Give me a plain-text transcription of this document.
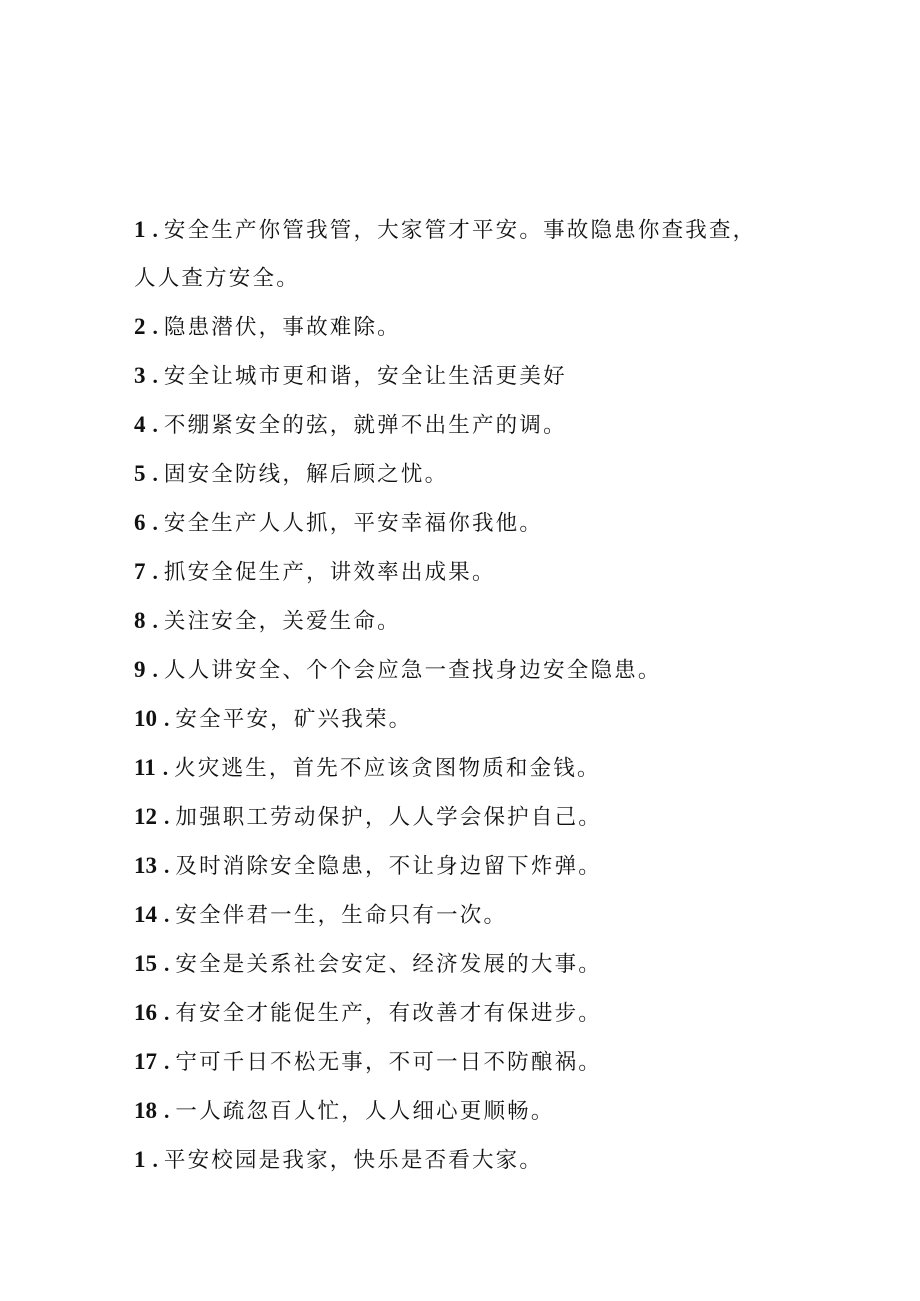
1 . 安全生产你管我管，大家管才平安。事故隐患你查我查，
人人查方安全。
2 . 隐患潜伏，事故难除。
3 . 安全让城市更和谐，安全让生活更美好
4 . 不绷紧安全的弦，就弹不出生产的调。
5 . 固安全防线，解后顾之忧。
6 . 安全生产人人抓，平安幸福你我他。
7 . 抓安全促生产，讲效率出成果。
8 . 关注安全，关爱生命。
9 . 人人讲安全、个个会应急一查找身边安全隐患。
10 . 安全平安，矿兴我荣。
11 . 火灾逃生，首先不应该贪图物质和金钱。
12 . 加强职工劳动保护，人人学会保护自己。
13 . 及时消除安全隐患，不让身边留下炸弹。
14 . 安全伴君一生，生命只有一次。
15 . 安全是关系社会安定、经济发展的大事。
16 . 有安全才能促生产，有改善才有保进步。
17 . 宁可千日不松无事，不可一日不防酿祸。
18 . 一人疏忽百人忙，人人细心更顺畅。
1 . 平安校园是我家，快乐是否看大家。
